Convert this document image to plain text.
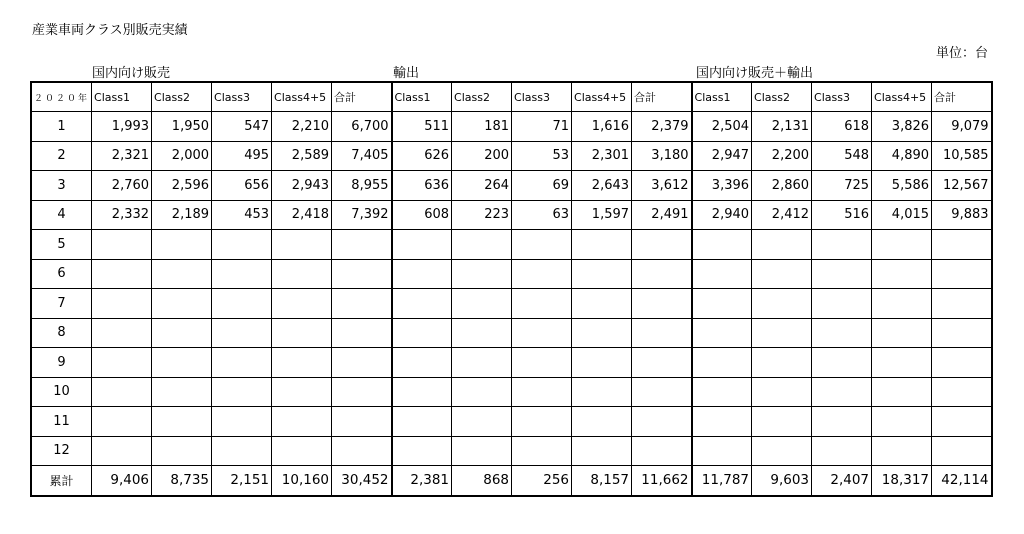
産業車両クラス別販売実績
単位：台
国内向け販売	輸出	国内向け販売＋輸出
２０２０年	Class1	Class2	Class3	Class4+5	合計	Class1	Class2	Class3	Class4+5	合計	Class1	Class2	Class3	Class4+5	合計
1	1,993	1,950	547	2,210	6,700	511	181	71	1,616	2,379	2,504	2,131	618	3,826	9,079
2	2,321	2,000	495	2,589	7,405	626	200	53	2,301	3,180	2,947	2,200	548	4,890	10,585
3	2,760	2,596	656	2,943	8,955	636	264	69	2,643	3,612	3,396	2,860	725	5,586	12,567
4	2,332	2,189	453	2,418	7,392	608	223	63	1,597	2,491	2,940	2,412	516	4,015	9,883
5															
6															
7															
8															
9															
10															
11															
12															
累計	9,406	8,735	2,151	10,160	30,452	2,381	868	256	8,157	11,662	11,787	9,603	2,407	18,317	42,114
